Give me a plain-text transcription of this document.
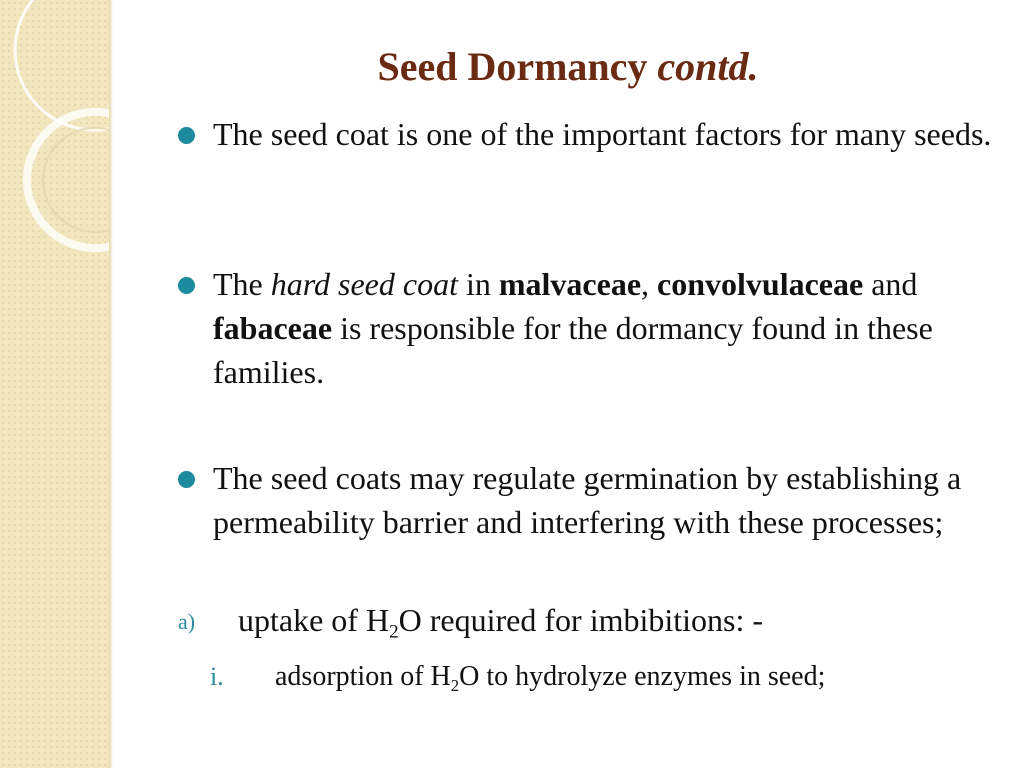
Seed Dormancy contd.
The seed coat is one of the important factors for many seeds.
The hard seed coat in malvaceae, convolvulaceae and fabaceae is responsible for the dormancy found in these families.
The seed coats may regulate germination by establishing a permeability barrier and interfering with these processes;
a) uptake of $H_2O$ required for imbibitions: -
i. adsorption of $H_2O$ to hydrolyze enzymes in seed;
